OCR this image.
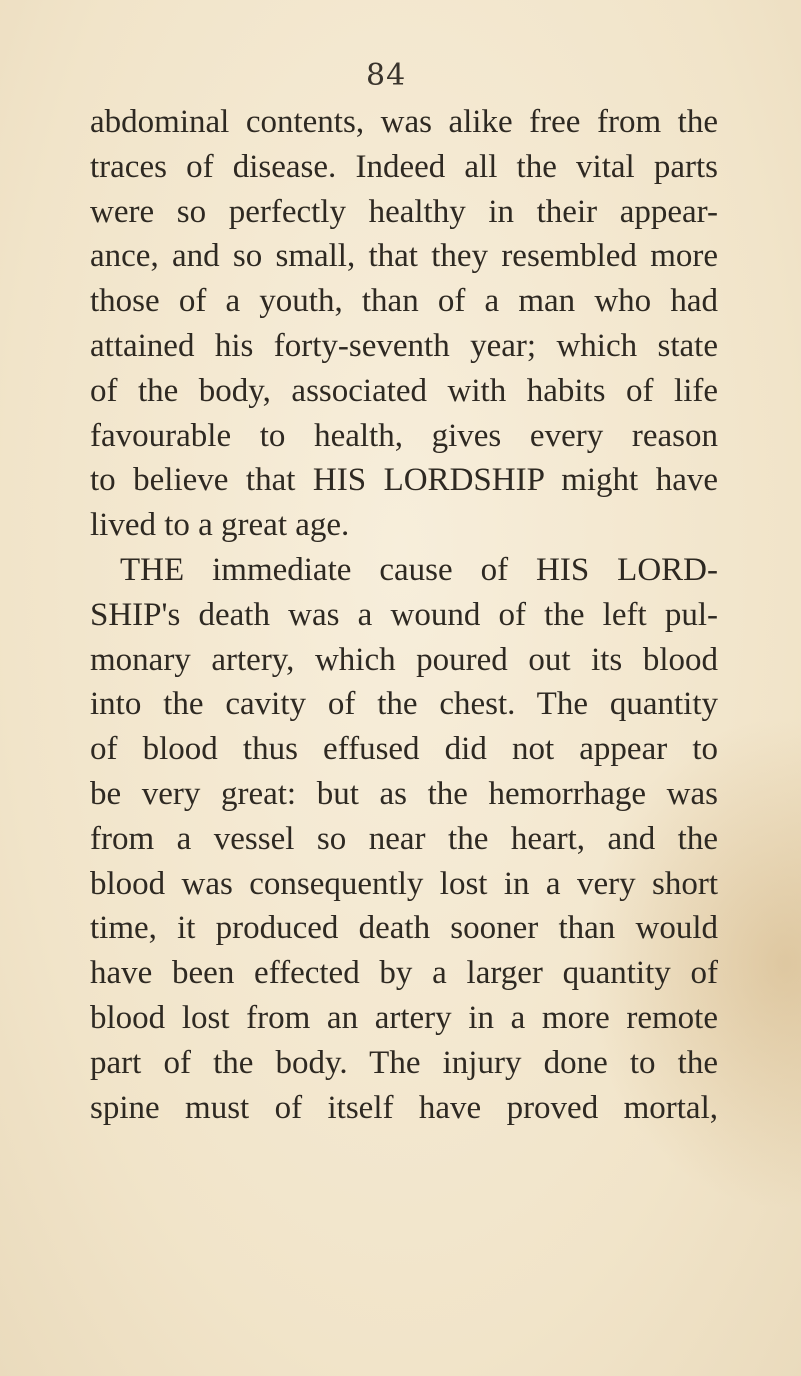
84
abdominal contents, was alike free from the
traces of disease. Indeed all the vital parts
were so perfectly healthy in their appear-
ance, and so small, that they resembled more
those of a youth, than of a man who had
attained his forty-seventh year; which state
of the body, associated with habits of life
favourable to health, gives every reason
to believe that HIS LORDSHIP might have
lived to a great age.
THE immediate cause of HIS LORD-
SHIP's death was a wound of the left pul-
monary artery, which poured out its blood
into the cavity of the chest. The quantity
of blood thus effused did not appear to
be very great: but as the hemorrhage was
from a vessel so near the heart, and the
blood was consequently lost in a very short
time, it produced death sooner than would
have been effected by a larger quantity of
blood lost from an artery in a more remote
part of the body. The injury done to the
spine must of itself have proved mortal,
